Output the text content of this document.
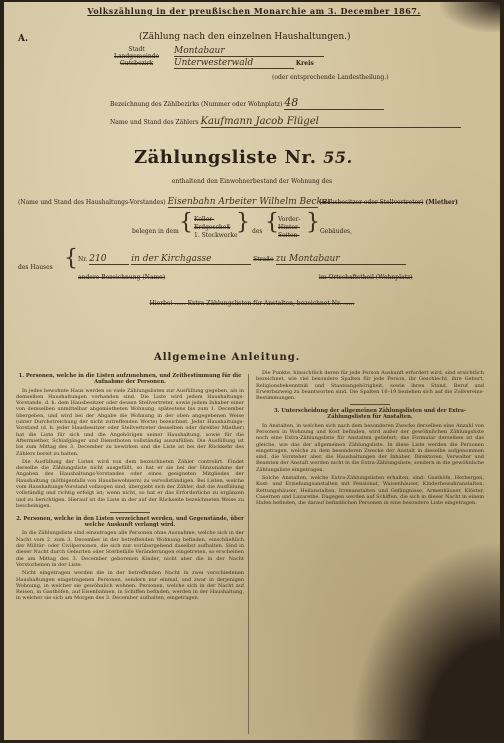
Volkszählung in der preußischen Monarchie am 3. December 1867.
A.	(Zählung nach den einzelnen Haushaltungen.)
Stadt
Landgemeinde
Gutsbezirk
Montabaur
Unterwesterwald	Kreis
(oder entsprechende Landestheilung.)
Bezeichnung des Zählbezirks (Nummer oder Wohnplatz) 48
Name und Stand des Zählers Kaufmann Jacob Flügel
Zählungsliste Nr. 55.
enthaltend den Einwohnerbestand der Wohnung des
(Name und Stand des Haushaltungs-Vorstandes) Eisenbahn Arbeiter Wilhelm Becker (Hausbesitzer oder Stellvertreter) (Miether)
belegen in dem { Keller-
Erdgeschoß
1. Stockwerke
} des { Vorder-
Hinter-
Seiten-
} Gebäudes,
des Hauses { Nr. 210	in der Kirchgasse	Straße zu Montabaur
andere Bezeichnung (Name)	im Ortschaftstheil (Wohnplatz)
Hierbei ...... Extra-Zählungslisten für Anstalten, bezeichnet Nr. ......
Allgemeine Anleitung.
1. Personen, welche in die Listen aufzunehmen, und Zeitbestimmung für die Aufnahme der Personen.

In jedes bewohnte Haus werden so viele Zählungslisten zur Ausfüllung gegeben, als in demselben Haushaltungen vorhanden sind. Die Liste wird jedem Haushaltungs-Vorstande, d. h. dem Hausbesitzer oder dessen Stellvertreter, sowie jedem Inhaber einer von demselben unmittelbar abgemietheten Wohnung, spätestens bis zum 1. December übergeben, und wird bei der Abgabe die Wohnung in der oben angegebenen Weise (unter Durchstreichung der nicht zutreffenden Worte) bezeichnet. Jeder Haushaltungs-Vorstand (d. h. jeder Hausbesitzer oder Stellvertreter desselben oder direkter Miether) hat die Liste für sich und die Angehörigen seiner Haushaltung, sowie für die Aftermiether, Schlafgänger und Dienstboten vollständig auszufüllen. Die Ausfüllung ist bis zum Mittag des 3. December zu bewirken und die Liste ist bei der Rückkehr des Zählers bereit zu halten.

Die Ausfüllung der Listen wird von dem bezeichneten Zähler controlirt. Findet derselbe die Zählungsliste nicht ausgefüllt, so hat er sie bei der Hinzunahme der Angaben des Haushaltungs-Vorstandes oder eines geeigneten Mitgliedes der Haushaltung (nöthigenfalls von Hausbewohnern) zu vervollständigen. Bei Listen, welche vom Haushaltungs-Vorstand vollzogen sind, übergiebt sich der Zähler, daß die Ausfüllung vollständig und richtig erfolgt ist; wenn nicht, so hat er das Erforderliche zu ergänzen und zu berichtigen. Hierauf ist die Liste in der auf der Rückseite bezeichneten Weise zu bescheinigen.

2. Personen, welche in den Listen verzeichnet werden, und Gegenstände, über welche Auskunft verlangt wird.

In die Zählungsliste sind einzutragen alle Personen ohne Ausnahme, welche sich in der Nacht vom 2. zum 3. December in der betreffenden Wohnung befinden, einschließlich der Militär- oder Civilpersonen, die sich nur vorübergehend daselbst aufhalten. Sind in dieser Nacht durch Geburten oder Sterbefälle Veränderungen eingetreten, so erscheinen die am Mittag des 3. December geborenen Kinder, nicht aber die in der Nacht Verstorbenen in der Liste.

Nicht eingetragen werden die in der betreffenden Nacht in zwei verschiedenen Haushaltungen eingetragenen Personen, sondern nur einmal, und zwar in derjenigen Wohnung, in welcher sie gewöhnlich wohnen. Personen, welche sich in der Nacht auf Reisen, in Gasthöfen, auf Eisenbahnen, in Schiffen befinden, werden in der Haushaltung, in welcher sie sich am Morgen des 3. December aufhalten, eingetragen.

Die Punkte, hinsichtlich deren für jede Person Auskunft erfordert wird, sind ersichtlich bezeichnet, wie viel besondere Spalten für jede Person, ihr Geschlecht, ihre Geburt, Religionsbekenntniß und Staatsangehörigkeit, sowie ihren Stand, Beruf und Erwerbszweig zu beantworten sind. Die Spalten 16–19 beziehen sich auf die Zollvereins-Bestimmungen.

3. Unterscheidung der allgemeinen Zählungslisten und der Extra-Zählungslisten für Anstalten.

In Anstalten, in welchen sich nach dem besonderen Zwecke derselben eine Anzahl von Personen in Wohnung und Kost befinden, wird außer der gewöhnlichen Zählungsliste noch eine Extra-Zählungsliste für Anstalten geliefert; das Formular derselben ist das gleiche, wie das der allgemeinen Zählungsliste. In diese Liste werden die Personen eingetragen, welche zu dem besonderen Zwecke der Anstalt in dieselbe aufgenommen sind, die Vorsteher aber, die Haushaltungen der Inhaber, Direktoren, Verwalter und Beamten der Anstalt werden nicht in die Extra-Zählungsliste, sondern in die gewöhnliche Zählungsliste eingetragen.

Solche Anstalten, welche Extra-Zählungslisten erhalten, sind: Gasthöfe, Herbergen, Kost- und Erziehungsanstalten mit Pensionat, Waisenhäuser, Kinderbewahranstalten, Rettungshäuser, Heilanstalten, Irrenanstalten und Gefängnisse, Armenhäuser, Klöster, Casernen und Lazarethe. Dagegen werden auf Schiffen, die sich in dieser Nacht in einem Hafen befinden, die darauf befindlichen Personen in eine besondere Liste eingetragen.
